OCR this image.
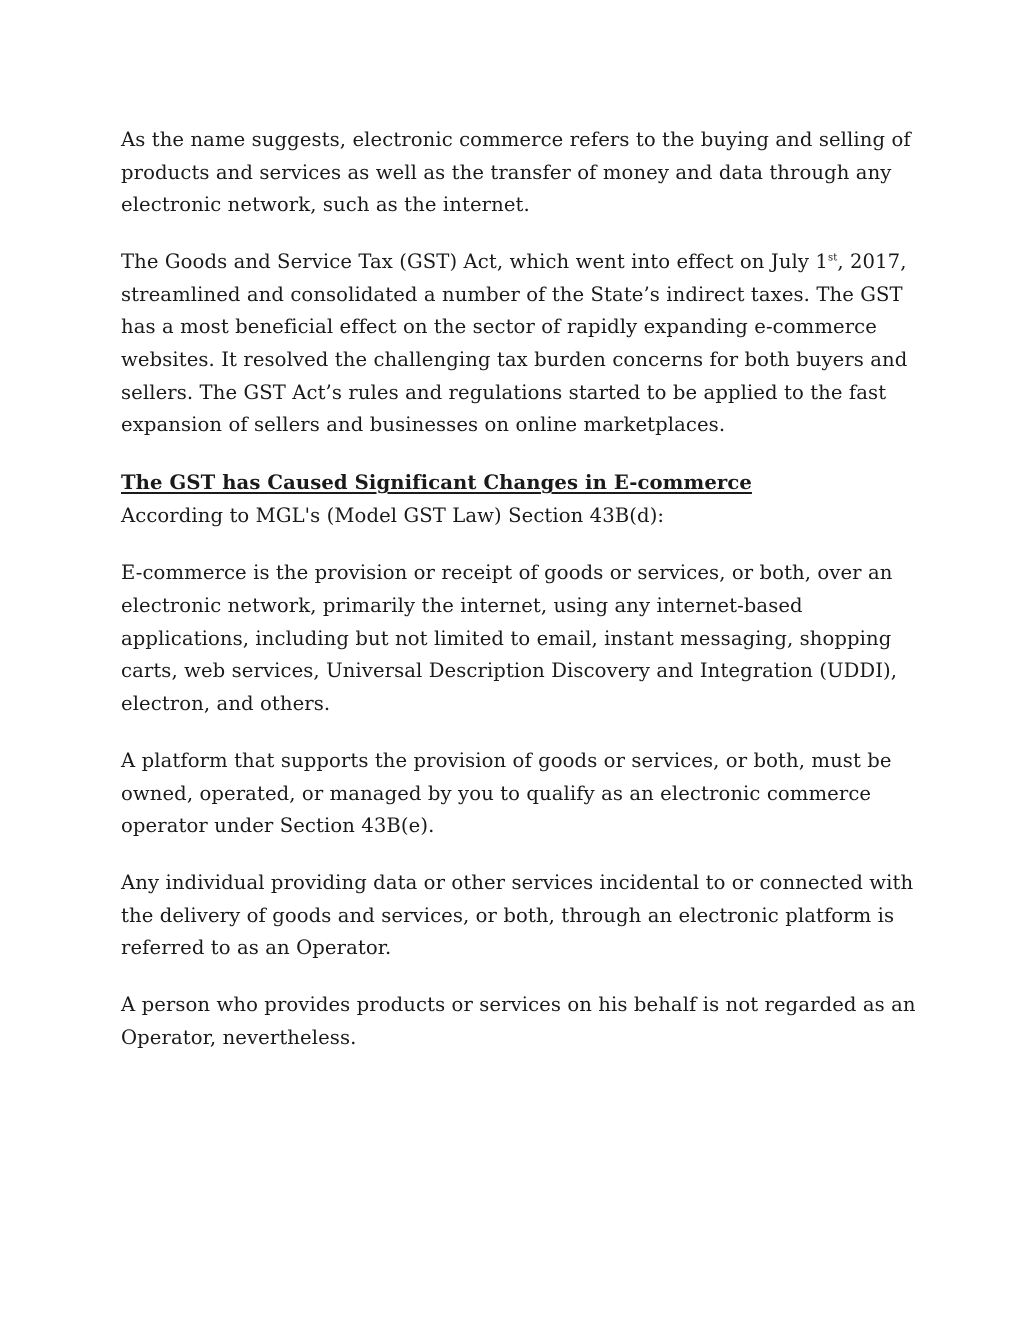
As the name suggests, electronic commerce refers to the buying and selling of products and services as well as the transfer of money and data through any electronic network, such as the internet.

The Goods and Service Tax (GST) Act, which went into effect on July 1st, 2017, streamlined and consolidated a number of the State’s indirect taxes. The GST has a most beneficial effect on the sector of rapidly expanding e-commerce websites. It resolved the challenging tax burden concerns for both buyers and sellers. The GST Act’s rules and regulations started to be applied to the fast expansion of sellers and businesses on online marketplaces.

The GST has Caused Significant Changes in E-commerce

According to MGL's (Model GST Law) Section 43B(d):

E-commerce is the provision or receipt of goods or services, or both, over an electronic network, primarily the internet, using any internet-based applications, including but not limited to email, instant messaging, shopping carts, web services, Universal Description Discovery and Integration (UDDI), electron, and others.

A platform that supports the provision of goods or services, or both, must be owned, operated, or managed by you to qualify as an electronic commerce operator under Section 43B(e).

Any individual providing data or other services incidental to or connected with the delivery of goods and services, or both, through an electronic platform is referred to as an Operator.

A person who provides products or services on his behalf is not regarded as an Operator, nevertheless.
